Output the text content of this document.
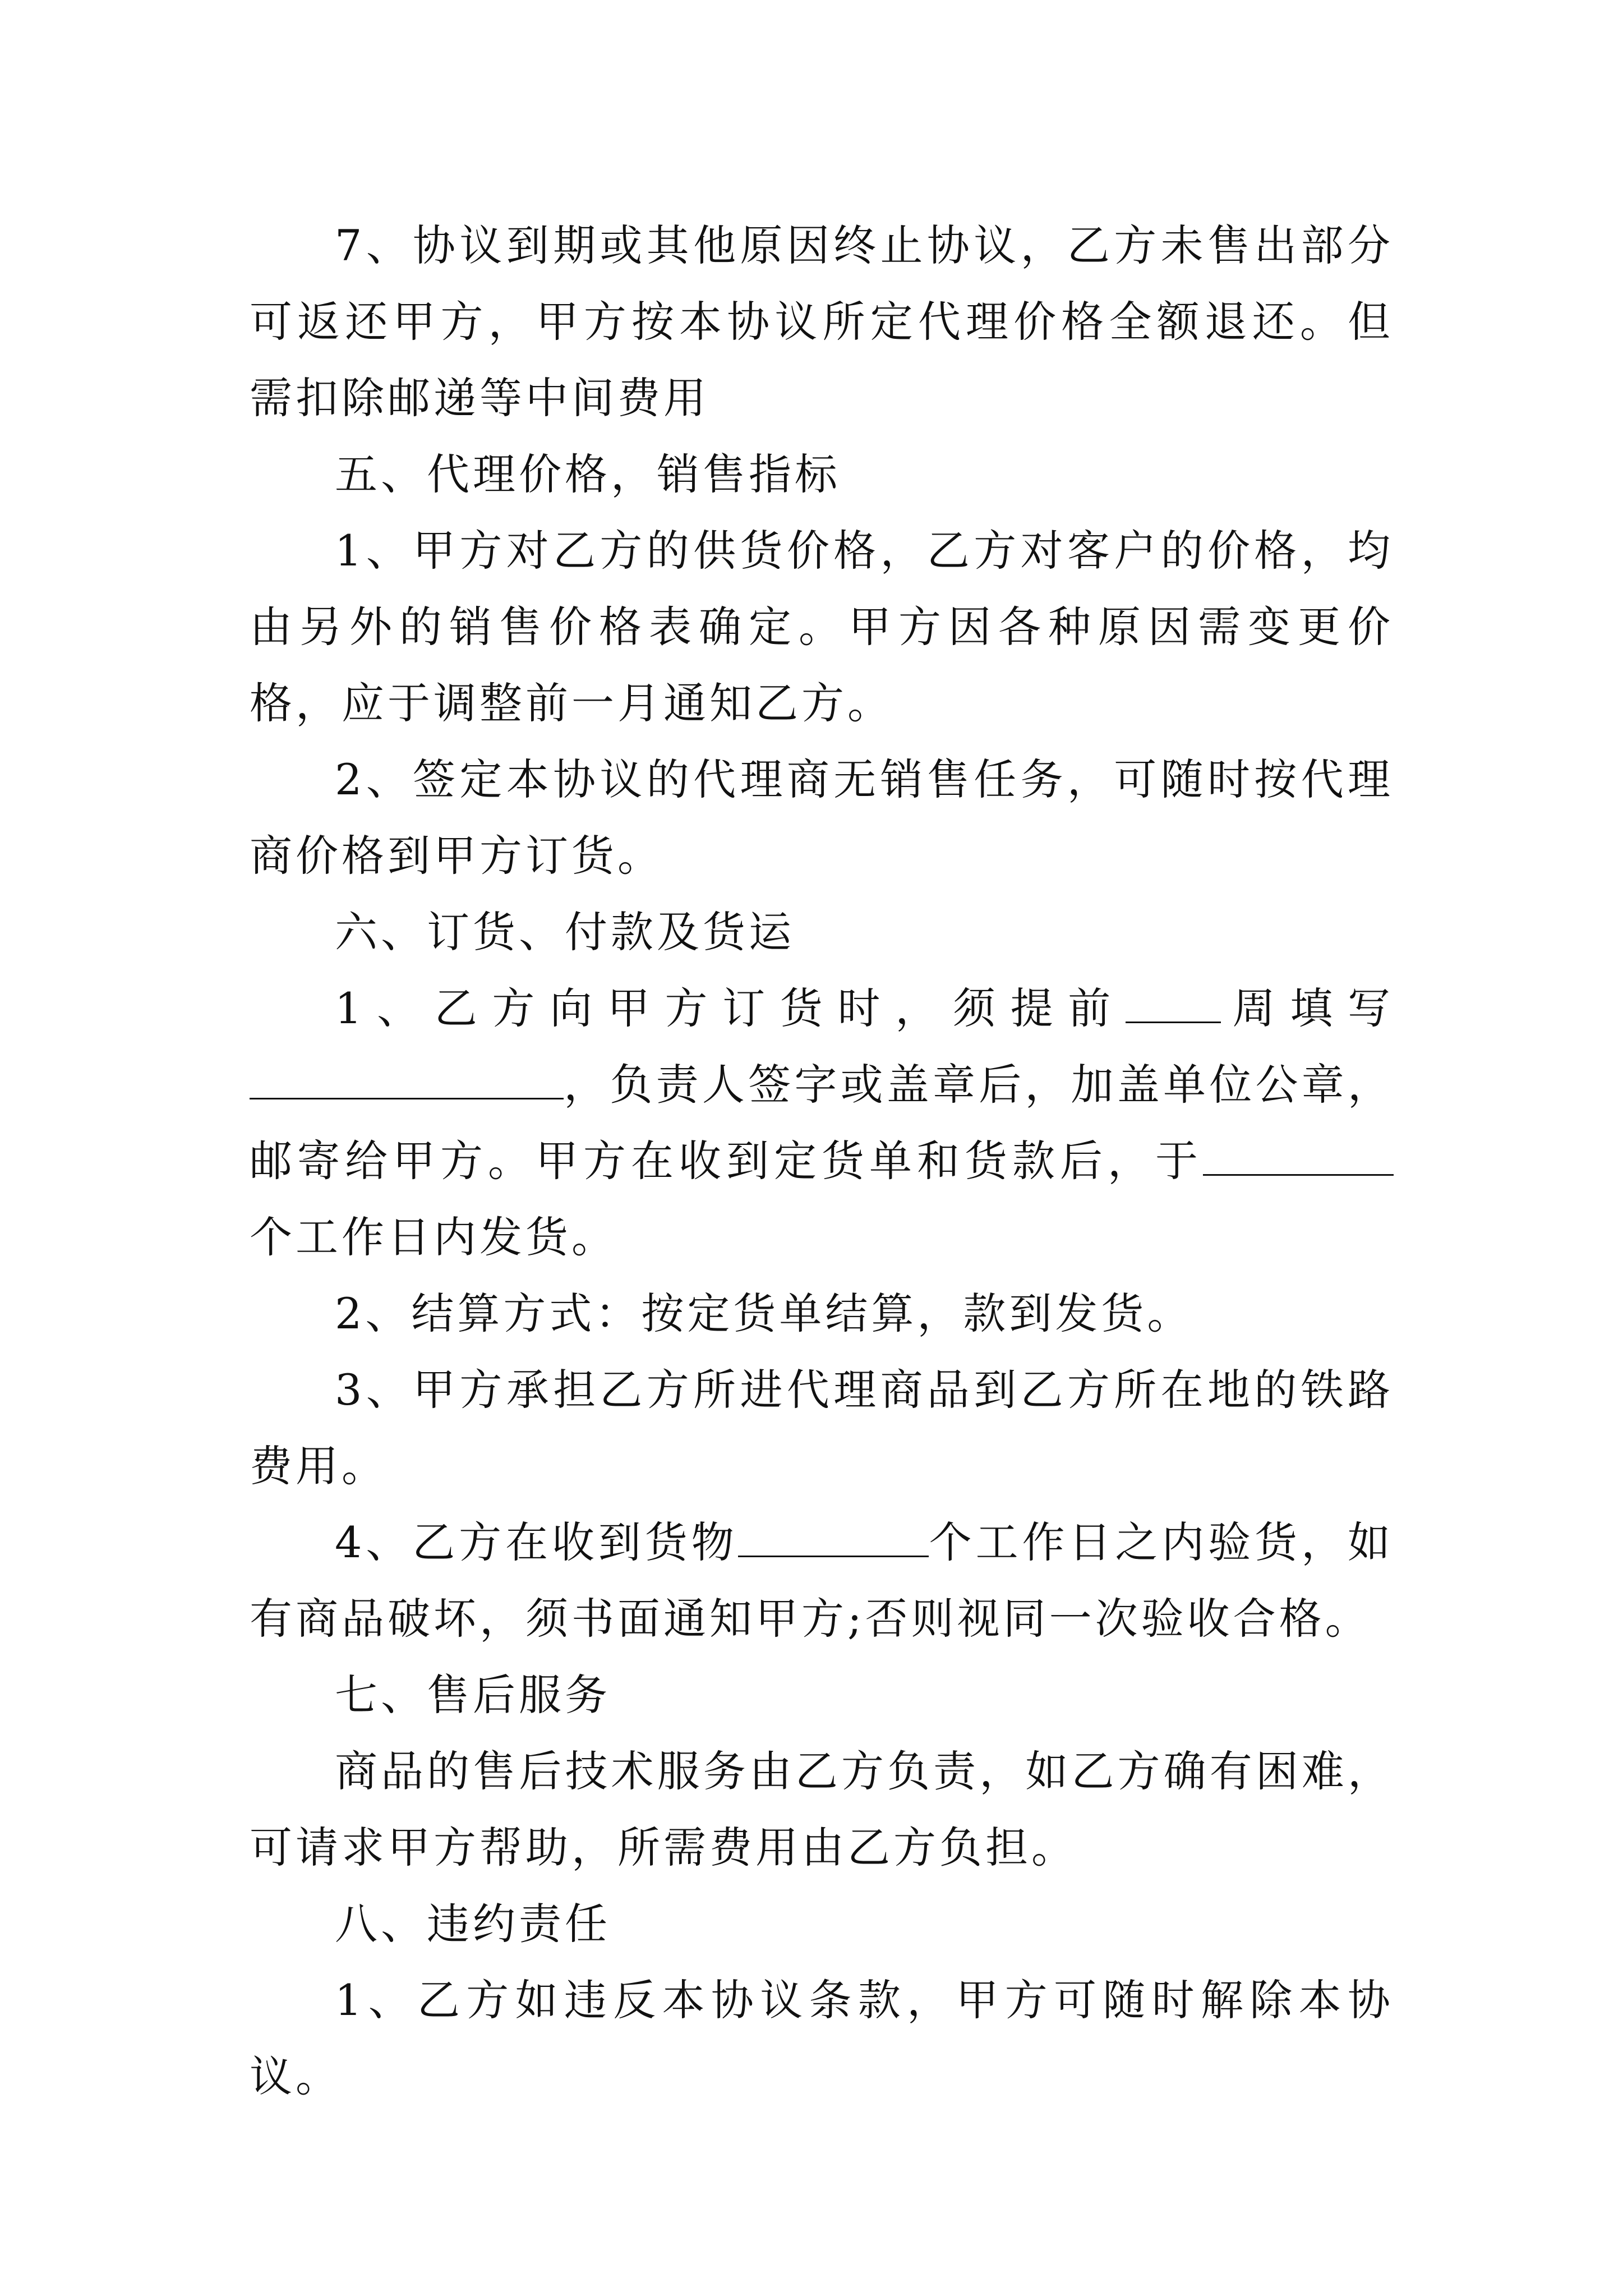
7、协议到期或其他原因终止协议，乙方未售出部分可返还甲方，甲方按本协议所定代理价格全额退还。但需扣除邮递等中间费用

五、代理价格，销售指标

1、甲方对乙方的供货价格，乙方对客户的价格，均由另外的销售价格表确定。甲方因各种原因需变更价格，应于调整前一月通知乙方。

2、签定本协议的代理商无销售任务，可随时按代理商价格到甲方订货。

六、订货、付款及货运

1、乙方向甲方订货时，须提前 周填写，负责人签字或盖章后，加盖单位公章，邮寄给甲方。甲方在收到定货单和货款后，于个工作日内发货。

2、结算方式：按定货单结算，款到发货。

3、甲方承担乙方所进代理商品到乙方所在地的铁路费用。

4、乙方在收到货物	个工作日之内验货，如有商品破坏，须书面通知甲方;否则视同一次验收合格。

七、售后服务

商品的售后技术服务由乙方负责，如乙方确有困难，可请求甲方帮助，所需费用由乙方负担。

八、违约责任

1、乙方如违反本协议条款，甲方可随时解除本协议。
